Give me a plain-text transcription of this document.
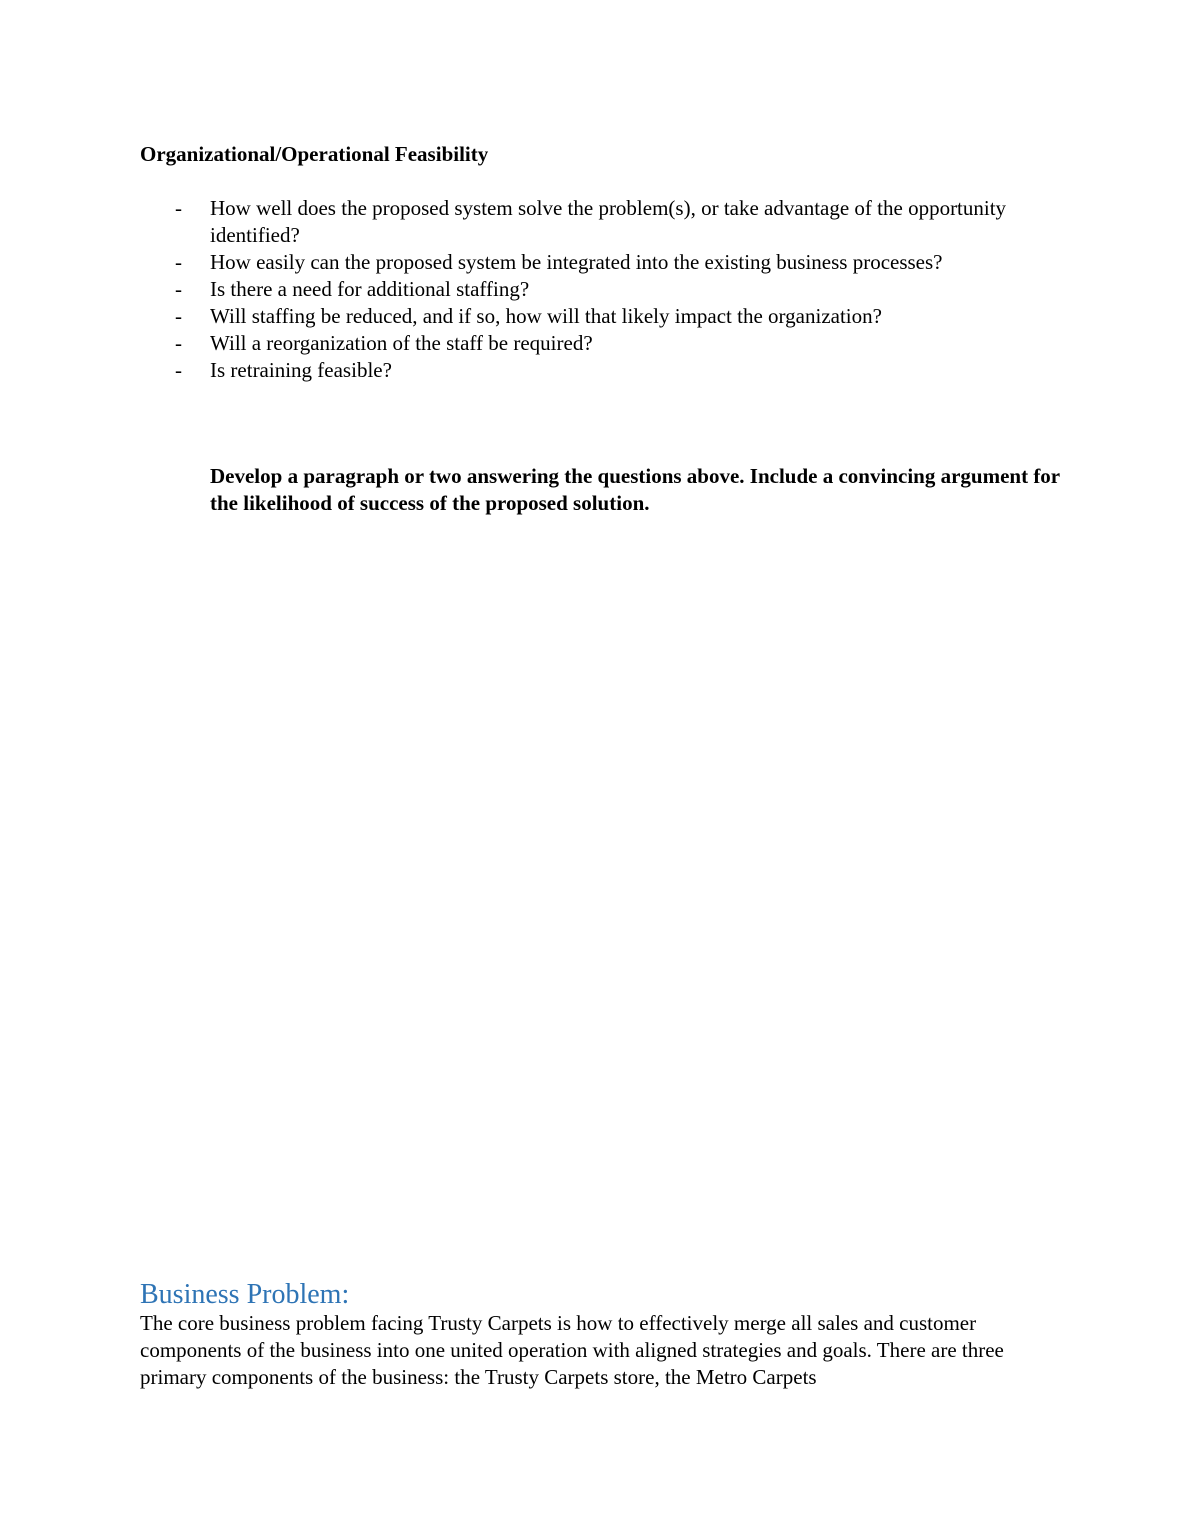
Organizational/Operational Feasibility
- How well does the proposed system solve the problem(s), or take advantage of the opportunity identified?
- How easily can the proposed system be integrated into the existing business processes?
- Is there a need for additional staffing?
- Will staffing be reduced, and if so, how will that likely impact the organization?
- Will a reorganization of the staff be required?
- Is retraining feasible?
Develop a paragraph or two answering the questions above. Include a convincing argument for the likelihood of success of the proposed solution.
Business Problem:

The core business problem facing Trusty Carpets is how to effectively merge all sales and customer components of the business into one united operation with aligned strategies and goals. There are three primary components of the business: the Trusty Carpets store, the Metro Carpets
